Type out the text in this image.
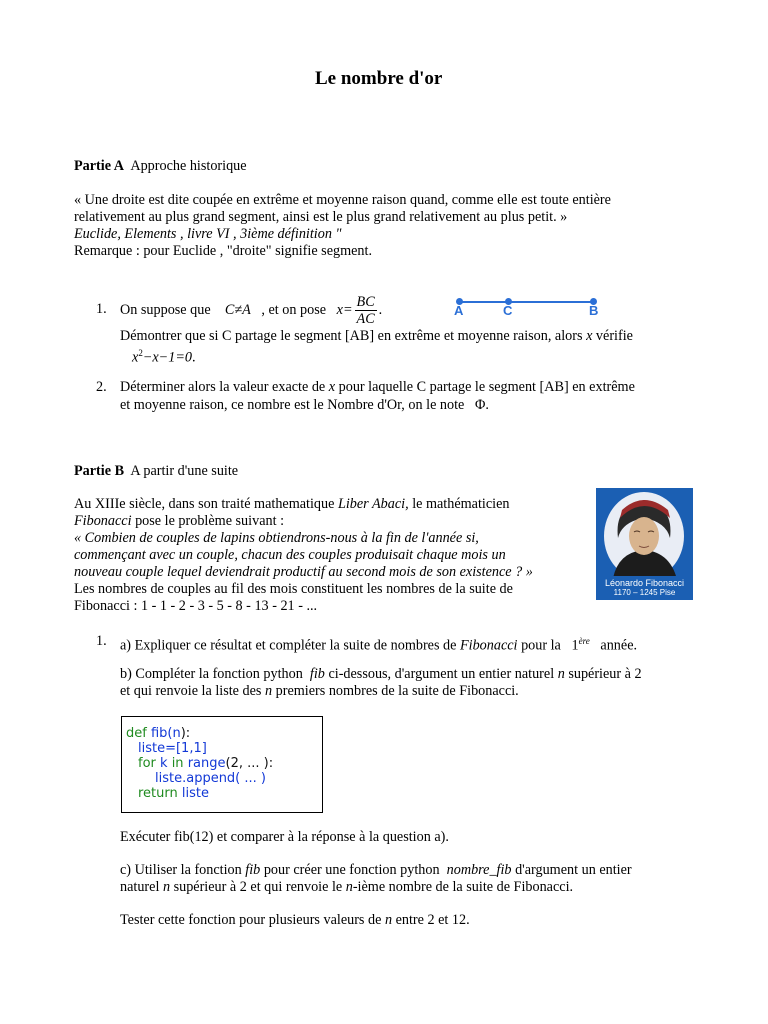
Le nombre d'or
Partie A Approche historique
« Une droite est dite coupée en extrême et moyenne raison quand, comme elle est toute entière
relativement au plus grand segment, ainsi est le plus grand relativement au plus petit. »
Euclide, Elements , livre VI , 3ième définition "
Remarque : pour Euclide , "droite" signifie segment.
1. On suppose que C≠A , et on pose $x= \frac{BC}{AC}$ .	A	C	B
Démontrer que si C partage le segment [AB] en extrême et moyenne raison, alors x vérifie
$x^2-x-1=0$.
2. Déterminer alors la valeur exacte de x pour laquelle C partage le segment [AB] en extrême
et moyenne raison, ce nombre est le Nombre d'Or, on le note Φ.
Partie B A partir d'une suite
Au XIIIe siècle, dans son traité mathematique Liber Abaci, le mathématicien
Fibonacci pose le problème suivant :
« Combien de couples de lapins obtiendrons-nous à la fin de l'année si,
commençant avec un couple, chacun des couples produisait chaque mois un
nouveau couple lequel deviendrait productif au second mois de son existence ? »
Les nombres de couples au fil des mois constituent les nombres de la suite de
Fibonacci : 1 - 1 - 2 - 3 - 5 - 8 - 13 - 21 - ...
Léonardo Fibonacci
1170 – 1245 Pise
1. a) Expliquer ce résultat et compléter la suite de nombres de Fibonacci pour la 1ère année.
b) Compléter la fonction python fib ci-dessous, d'argument un entier naturel n supérieur à 2
et qui renvoie la liste des n premiers nombres de la suite de Fibonacci.
def fib(n):
liste=[1,1]
for k in range(2, ... ):
liste.append( ... )
return liste
Exécuter fib(12) et comparer à la réponse à la question a).
c) Utiliser la fonction fib pour créer une fonction python nombre_fib d'argument un entier
naturel n supérieur à 2 et qui renvoie le n-ième nombre de la suite de Fibonacci.
Tester cette fonction pour plusieurs valeurs de n entre 2 et 12.
